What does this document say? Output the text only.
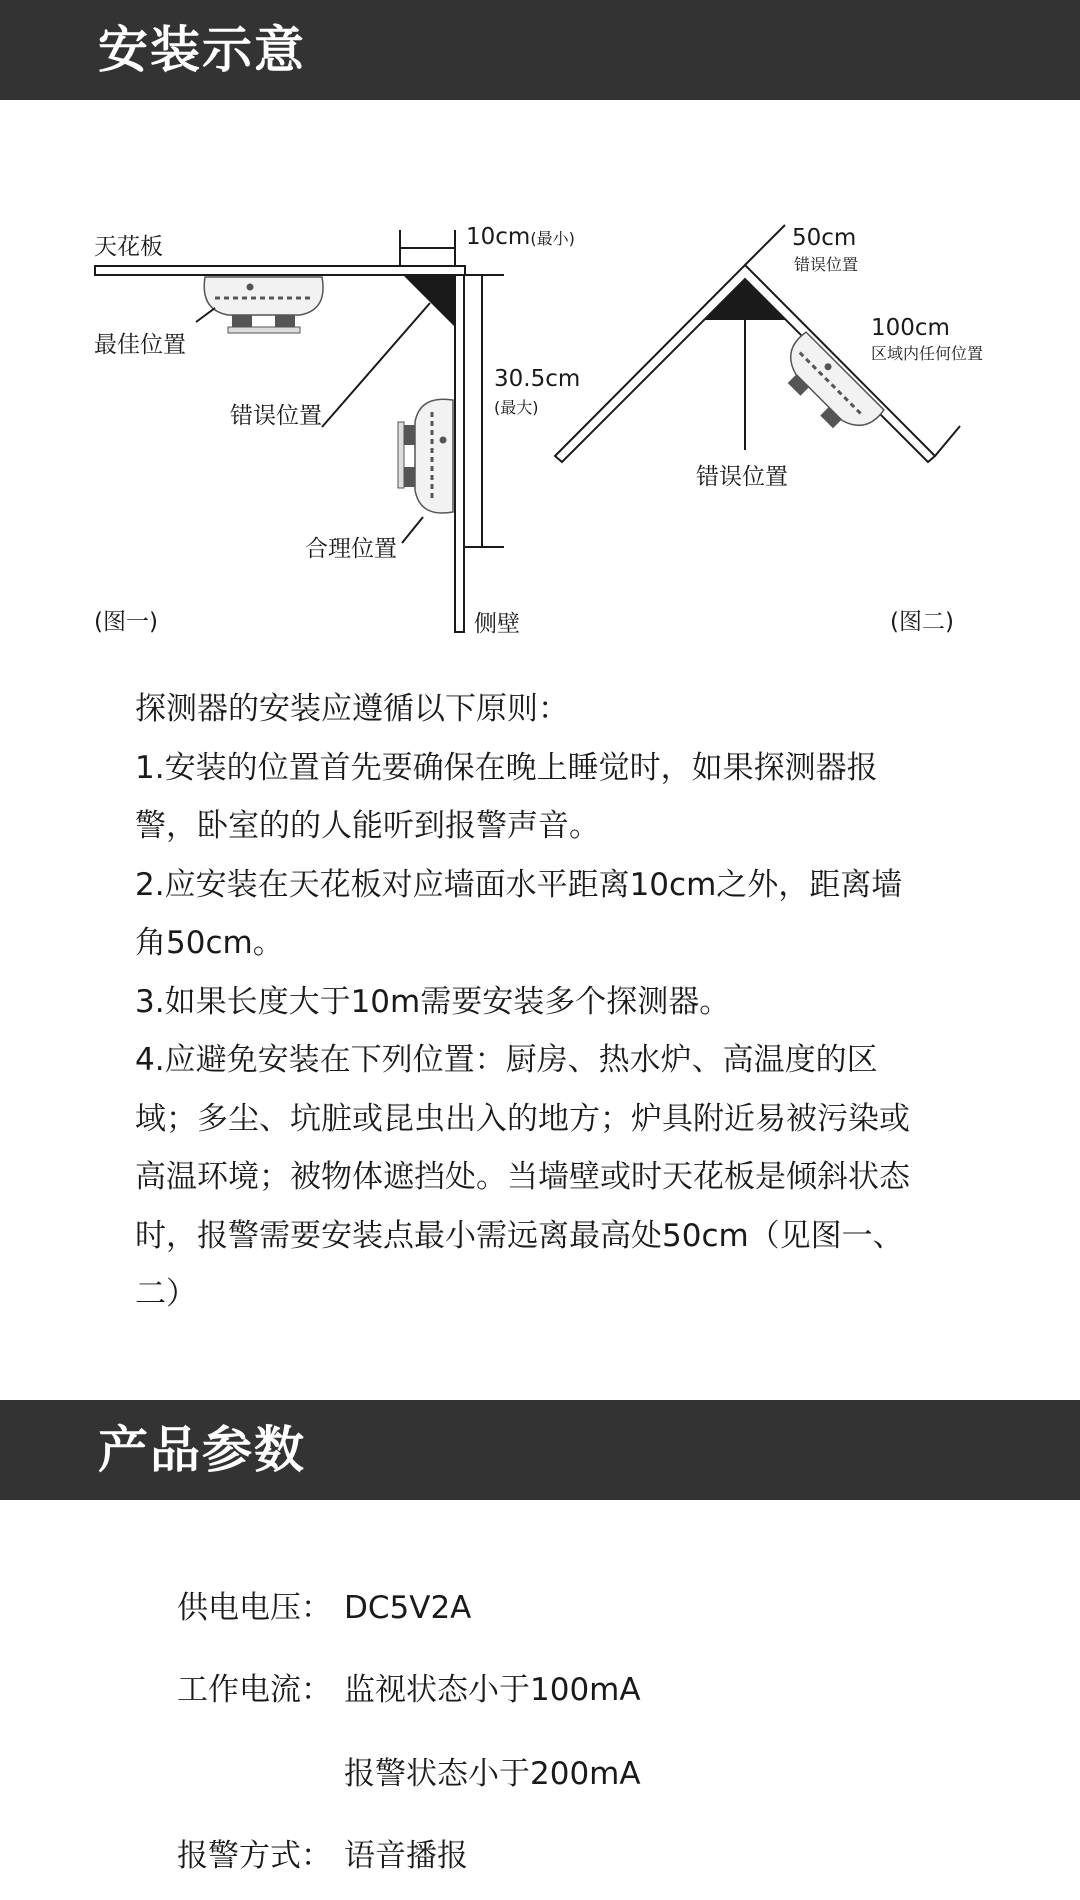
安装示意
10cm(最小)
30.5cm
(最大)
天花板
最佳位置
错误位置
合理位置
侧壁
(图一)
50cm
错误位置
100cm
区域内任何位置
错误位置
(图二)

探测器的安装应遵循以下原则：

1.安装的位置首先要确保在晚上睡觉时，如果探测器报警，卧室的的人能听到报警声音。

2.应安装在天花板对应墙面水平距离10cm之外，距离墙角50cm。

3.如果长度大于10m需要安装多个探测器。

4.应避免安装在下列位置：厨房、热水炉、高温度的区域；多尘、坑脏或昆虫出入的地方；炉具附近易被污染或高温环境；被物体遮挡处。当墙壁或时天花板是倾斜状态时，报警需要安装点最小需远离最高处50cm（见图一、二）

产品参数
供电电压： DC5V2A
工作电流： 监视状态小于100mA
报警状态小于200mA
报警方式： 语音播报
